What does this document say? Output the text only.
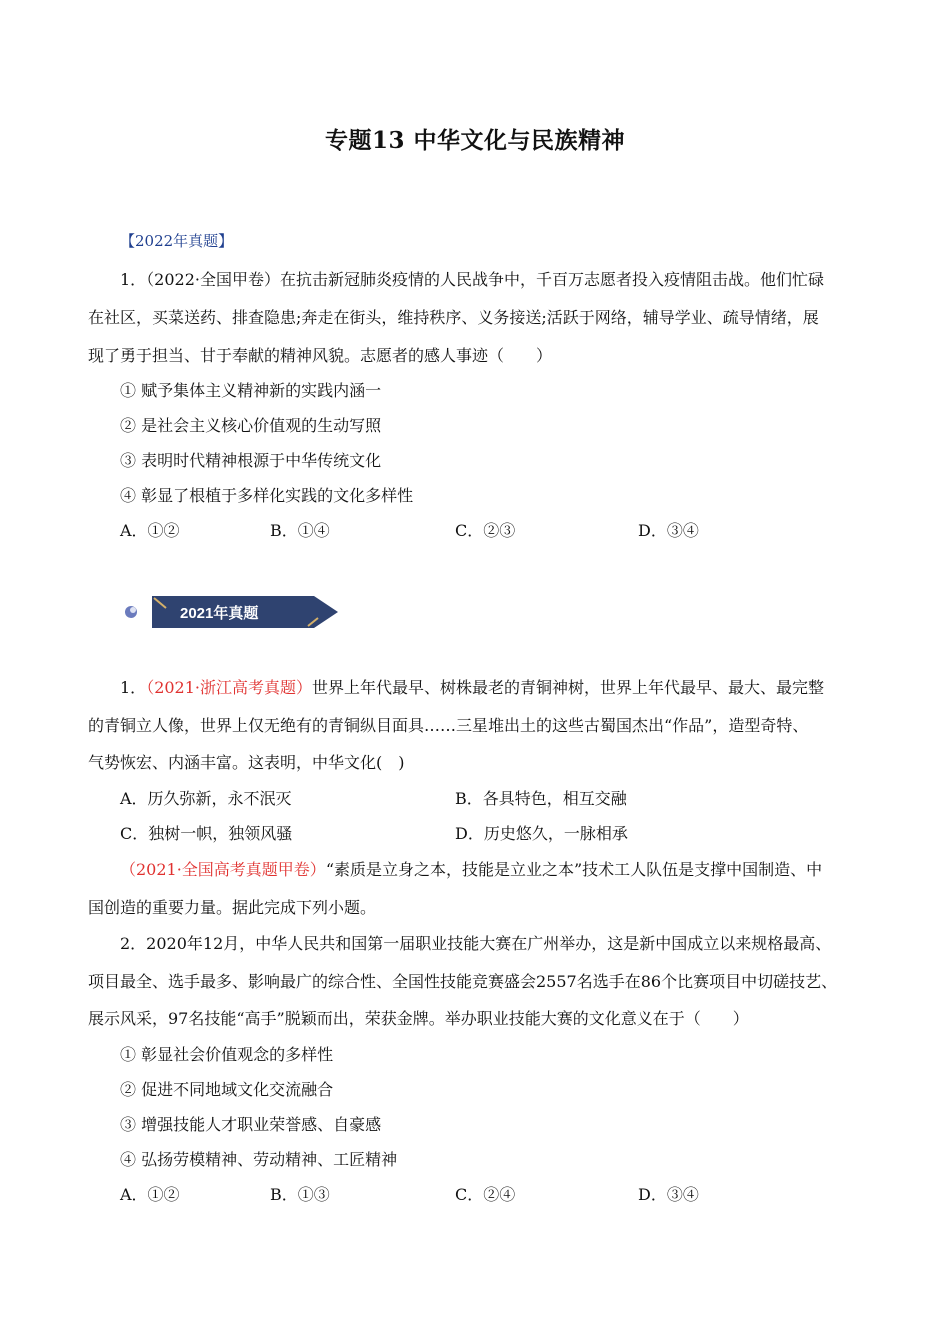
专题13 中华文化与民族精神
【2022年真题】
1．（2022·全国甲卷）在抗击新冠肺炎疫情的人民战争中，千百万志愿者投入疫情阻击战。他们忙碌
在社区，买菜送药、排查隐患;奔走在街头，维持秩序、义务接送;活跃于网络，辅导学业、疏导情绪，展
现了勇于担当、甘于奉献的精神风貌。志愿者的感人事迹（　　）
① 赋予集体主义精神新的实践内涵一
② 是社会主义核心价值观的生动写照
③ 表明时代精神根源于中华传统文化
④ 彰显了根植于多样化实践的文化多样性
A．①②	B．①④	C．②③	D．③④
2021年真题
1．（2021·浙江高考真题）世界上年代最早、树株最老的青铜神树，世界上年代最早、最大、最完整
的青铜立人像，世界上仅无绝有的青铜纵目面具……三星堆出土的这些古蜀国杰出“作品”，造型奇特、
气势恢宏、内涵丰富。这表明，中华文化(　)
A．历久弥新，永不泯灭	B．各具特色，相互交融
C．独树一帜，独领风骚	D．历史悠久，一脉相承
（2021·全国高考真题甲卷）“素质是立身之本，技能是立业之本”技术工人队伍是支撑中国制造、中
国创造的重要力量。据此完成下列小题。
2．2020年12月，中华人民共和国第一届职业技能大赛在广州举办，这是新中国成立以来规格最高、
项目最全、选手最多、影响最广的综合性、全国性技能竞赛盛会2557名选手在86个比赛项目中切磋技艺、
展示风采，97名技能“高手”脱颖而出，荣获金牌。举办职业技能大赛的文化意义在于（　　）
① 彰显社会价值观念的多样性
② 促进不同地域文化交流融合
③ 增强技能人才职业荣誉感、自豪感
④ 弘扬劳模精神、劳动精神、工匠精神
A．①②	B．①③	C．②④	D．③④
